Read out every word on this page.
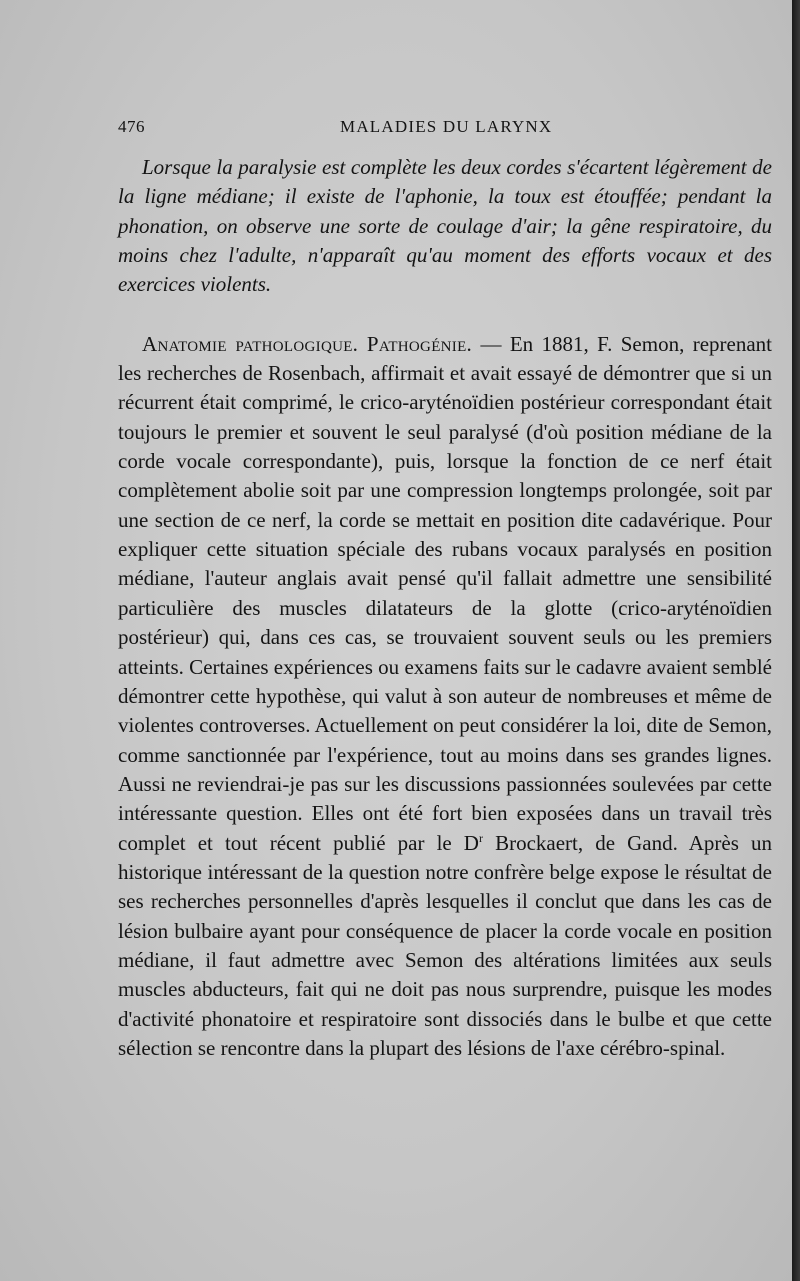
476	MALADIES DU LARYNX

Lorsque la paralysie est complète les deux cordes s'écartent légèrement de la ligne médiane; il existe de l'aphonie, la toux est étouffée; pendant la phonation, on observe une sorte de coulage d'air; la gêne respiratoire, du moins chez l'adulte, n'apparaît qu'au moment des efforts vocaux et des exercices violents.

Anatomie pathologique. Pathogénie. — En 1881, F. Semon, reprenant les recherches de Rosenbach, affirmait et avait essayé de démontrer que si un récurrent était comprimé, le crico-aryténoïdien postérieur correspondant était toujours le premier et souvent le seul paralysé (d'où position médiane de la corde vocale correspondante), puis, lorsque la fonction de ce nerf était complètement abolie soit par une compression longtemps prolongée, soit par une section de ce nerf, la corde se mettait en position dite cadavérique. Pour expliquer cette situation spéciale des rubans vocaux paralysés en position médiane, l'auteur anglais avait pensé qu'il fallait admettre une sensibilité particulière des muscles dilatateurs de la glotte (crico-aryténoïdien postérieur) qui, dans ces cas, se trouvaient souvent seuls ou les premiers atteints. Certaines expériences ou examens faits sur le cadavre avaient semblé démontrer cette hypothèse, qui valut à son auteur de nombreuses et même de violentes controverses. Actuellement on peut considérer la loi, dite de Semon, comme sanctionnée par l'expérience, tout au moins dans ses grandes lignes. Aussi ne reviendrai-je pas sur les discussions passionnées soulevées par cette intéressante question. Elles ont été fort bien exposées dans un travail très complet et tout récent publié par le $D^r$ Brockaert, de Gand. Après un historique intéressant de la question notre confrère belge expose le résultat de ses recherches personnelles d'après lesquelles il conclut que dans les cas de lésion bulbaire ayant pour conséquence de placer la corde vocale en position médiane, il faut admettre avec Semon des altérations limitées aux seuls muscles abducteurs, fait qui ne doit pas nous surprendre, puisque les modes d'activité phonatoire et respiratoire sont dissociés dans le bulbe et que cette sélection se rencontre dans la plupart des lésions de l'axe cérébro-spinal.
